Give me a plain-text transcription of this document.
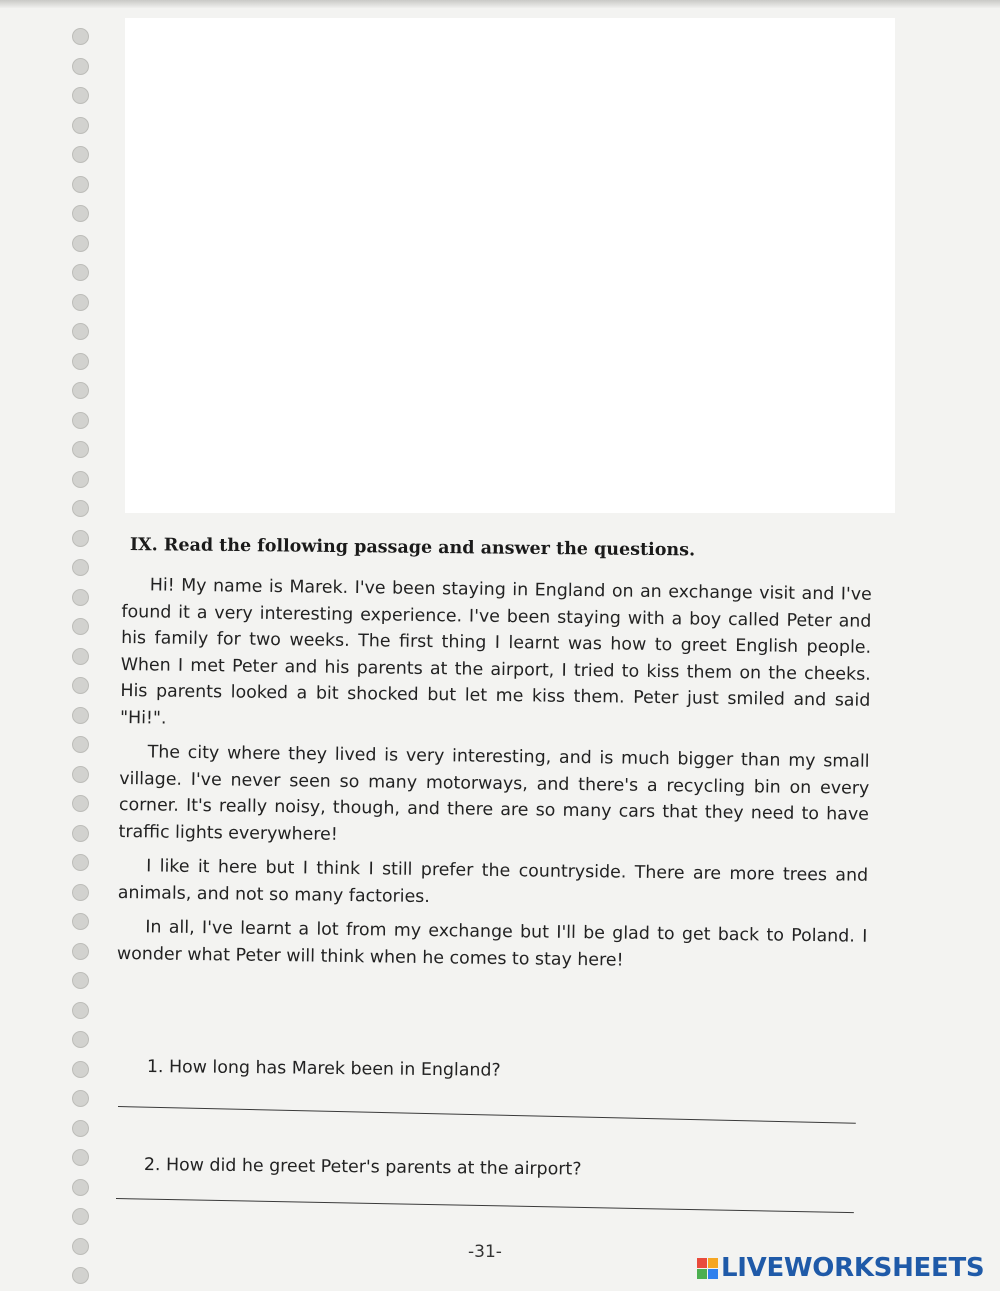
IX. Read the following passage and answer the questions.

Hi! My name is Marek. I've been staying in England on an exchange visit and I've found it a very interesting experience. I've been staying with a boy called Peter and his family for two weeks. The first thing I learnt was how to greet English people. When I met Peter and his parents at the airport, I tried to kiss them on the cheeks. His parents looked a bit shocked but let me kiss them. Peter just smiled and said "Hi!".

The city where they lived is very interesting, and is much bigger than my small village. I've never seen so many motorways, and there's a recycling bin on every corner. It's really noisy, though, and there are so many cars that they need to have traffic lights everywhere!

I like it here but I think I still prefer the countryside. There are more trees and animals, and not so many factories.

In all, I've learnt a lot from my exchange but I'll be glad to get back to Poland. I wonder what Peter will think when he comes to stay here!

1. How long has Marek been in England?
2. How did he greet Peter's parents at the airport?
-31-
LIVEWORKSHEETS
